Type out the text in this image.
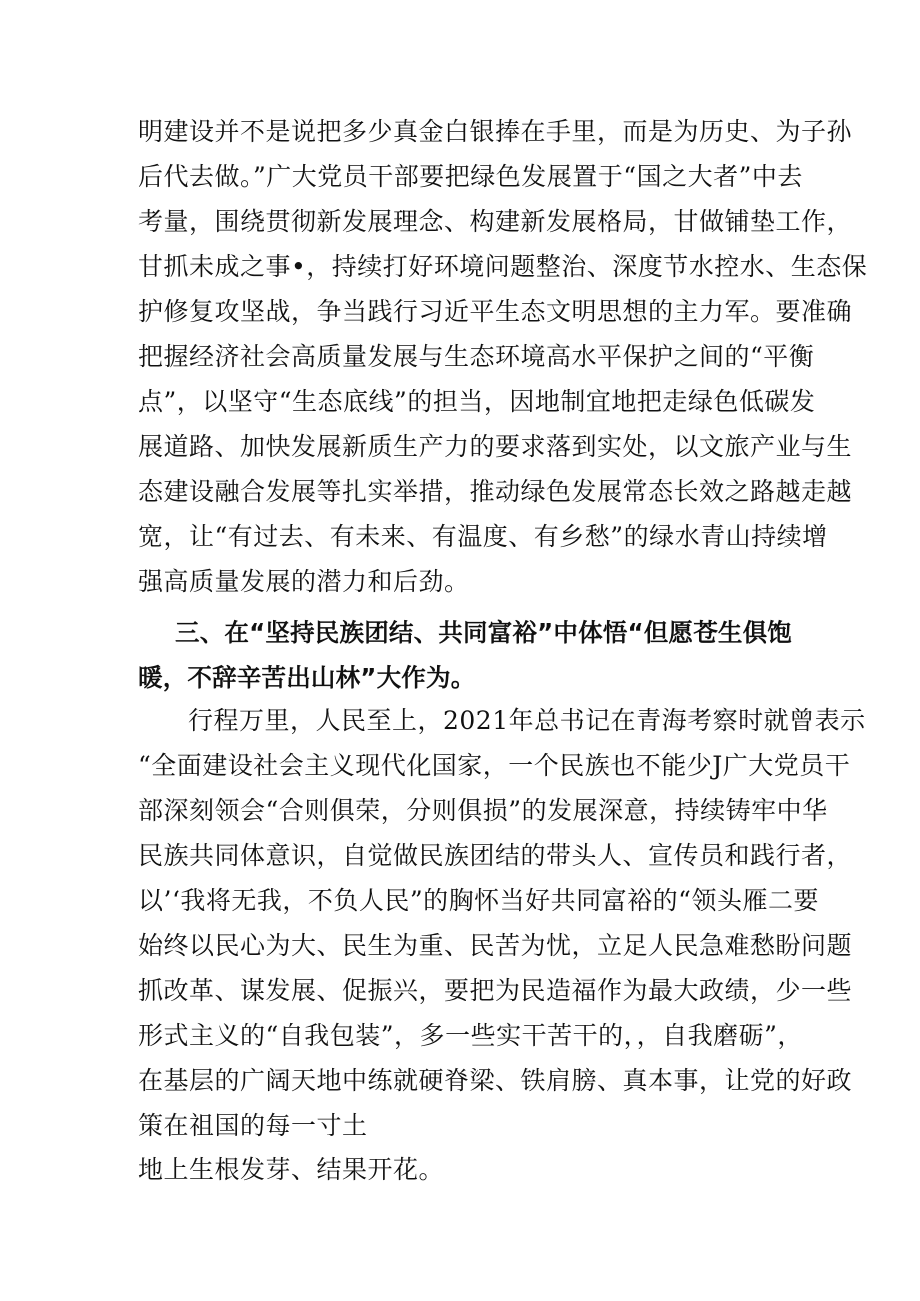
明建设并不是说把多少真金白银捧在手里，而是为历史、为子孙
后代去做。”广大党员干部要把绿色发展置于“国之大者”中去
考量，围绕贯彻新发展理念、构建新发展格局，甘做铺垫工作，
甘抓未成之事•，持续打好环境问题整治、深度节水控水、生态保
护修复攻坚战，争当践行习近平生态文明思想的主力军。要准确
把握经济社会高质量发展与生态环境高水平保护之间的“平衡
点”，以坚守“生态底线”的担当，因地制宜地把走绿色低碳发
展道路、加快发展新质生产力的要求落到实处，以文旅产业与生
态建设融合发展等扎实举措，推动绿色发展常态长效之路越走越
宽，让“有过去、有未来、有温度、有乡愁”的绿水青山持续增
强高质量发展的潜力和后劲。
三、在“坚持民族团结、共同富裕”中体悟“但愿苍生俱饱
暖，不辞辛苦出山林”大作为。
行程万里，人民至上，2021年总书记在青海考察时就曾表示
“全面建设社会主义现代化国家，一个民族也不能少J广大党员干
部深刻领会“合则俱荣，分则俱损”的发展深意，持续铸牢中华
民族共同体意识，自觉做民族团结的带头人、宣传员和践行者，
以’‘我将无我，不负人民”的胸怀当好共同富裕的“领头雁二要
始终以民心为大、民生为重、民苦为忧，立足人民急难愁盼问题
抓改革、谋发展、促振兴，要把为民造福作为最大政绩，少一些
形式主义的“自我包装”，多一些实干苦干的，，自我磨砺”，
在基层的广阔天地中练就硬脊梁、铁肩膀、真本事，让党的好政
策在祖国的每一寸土
地上生根发芽、结果开花。
